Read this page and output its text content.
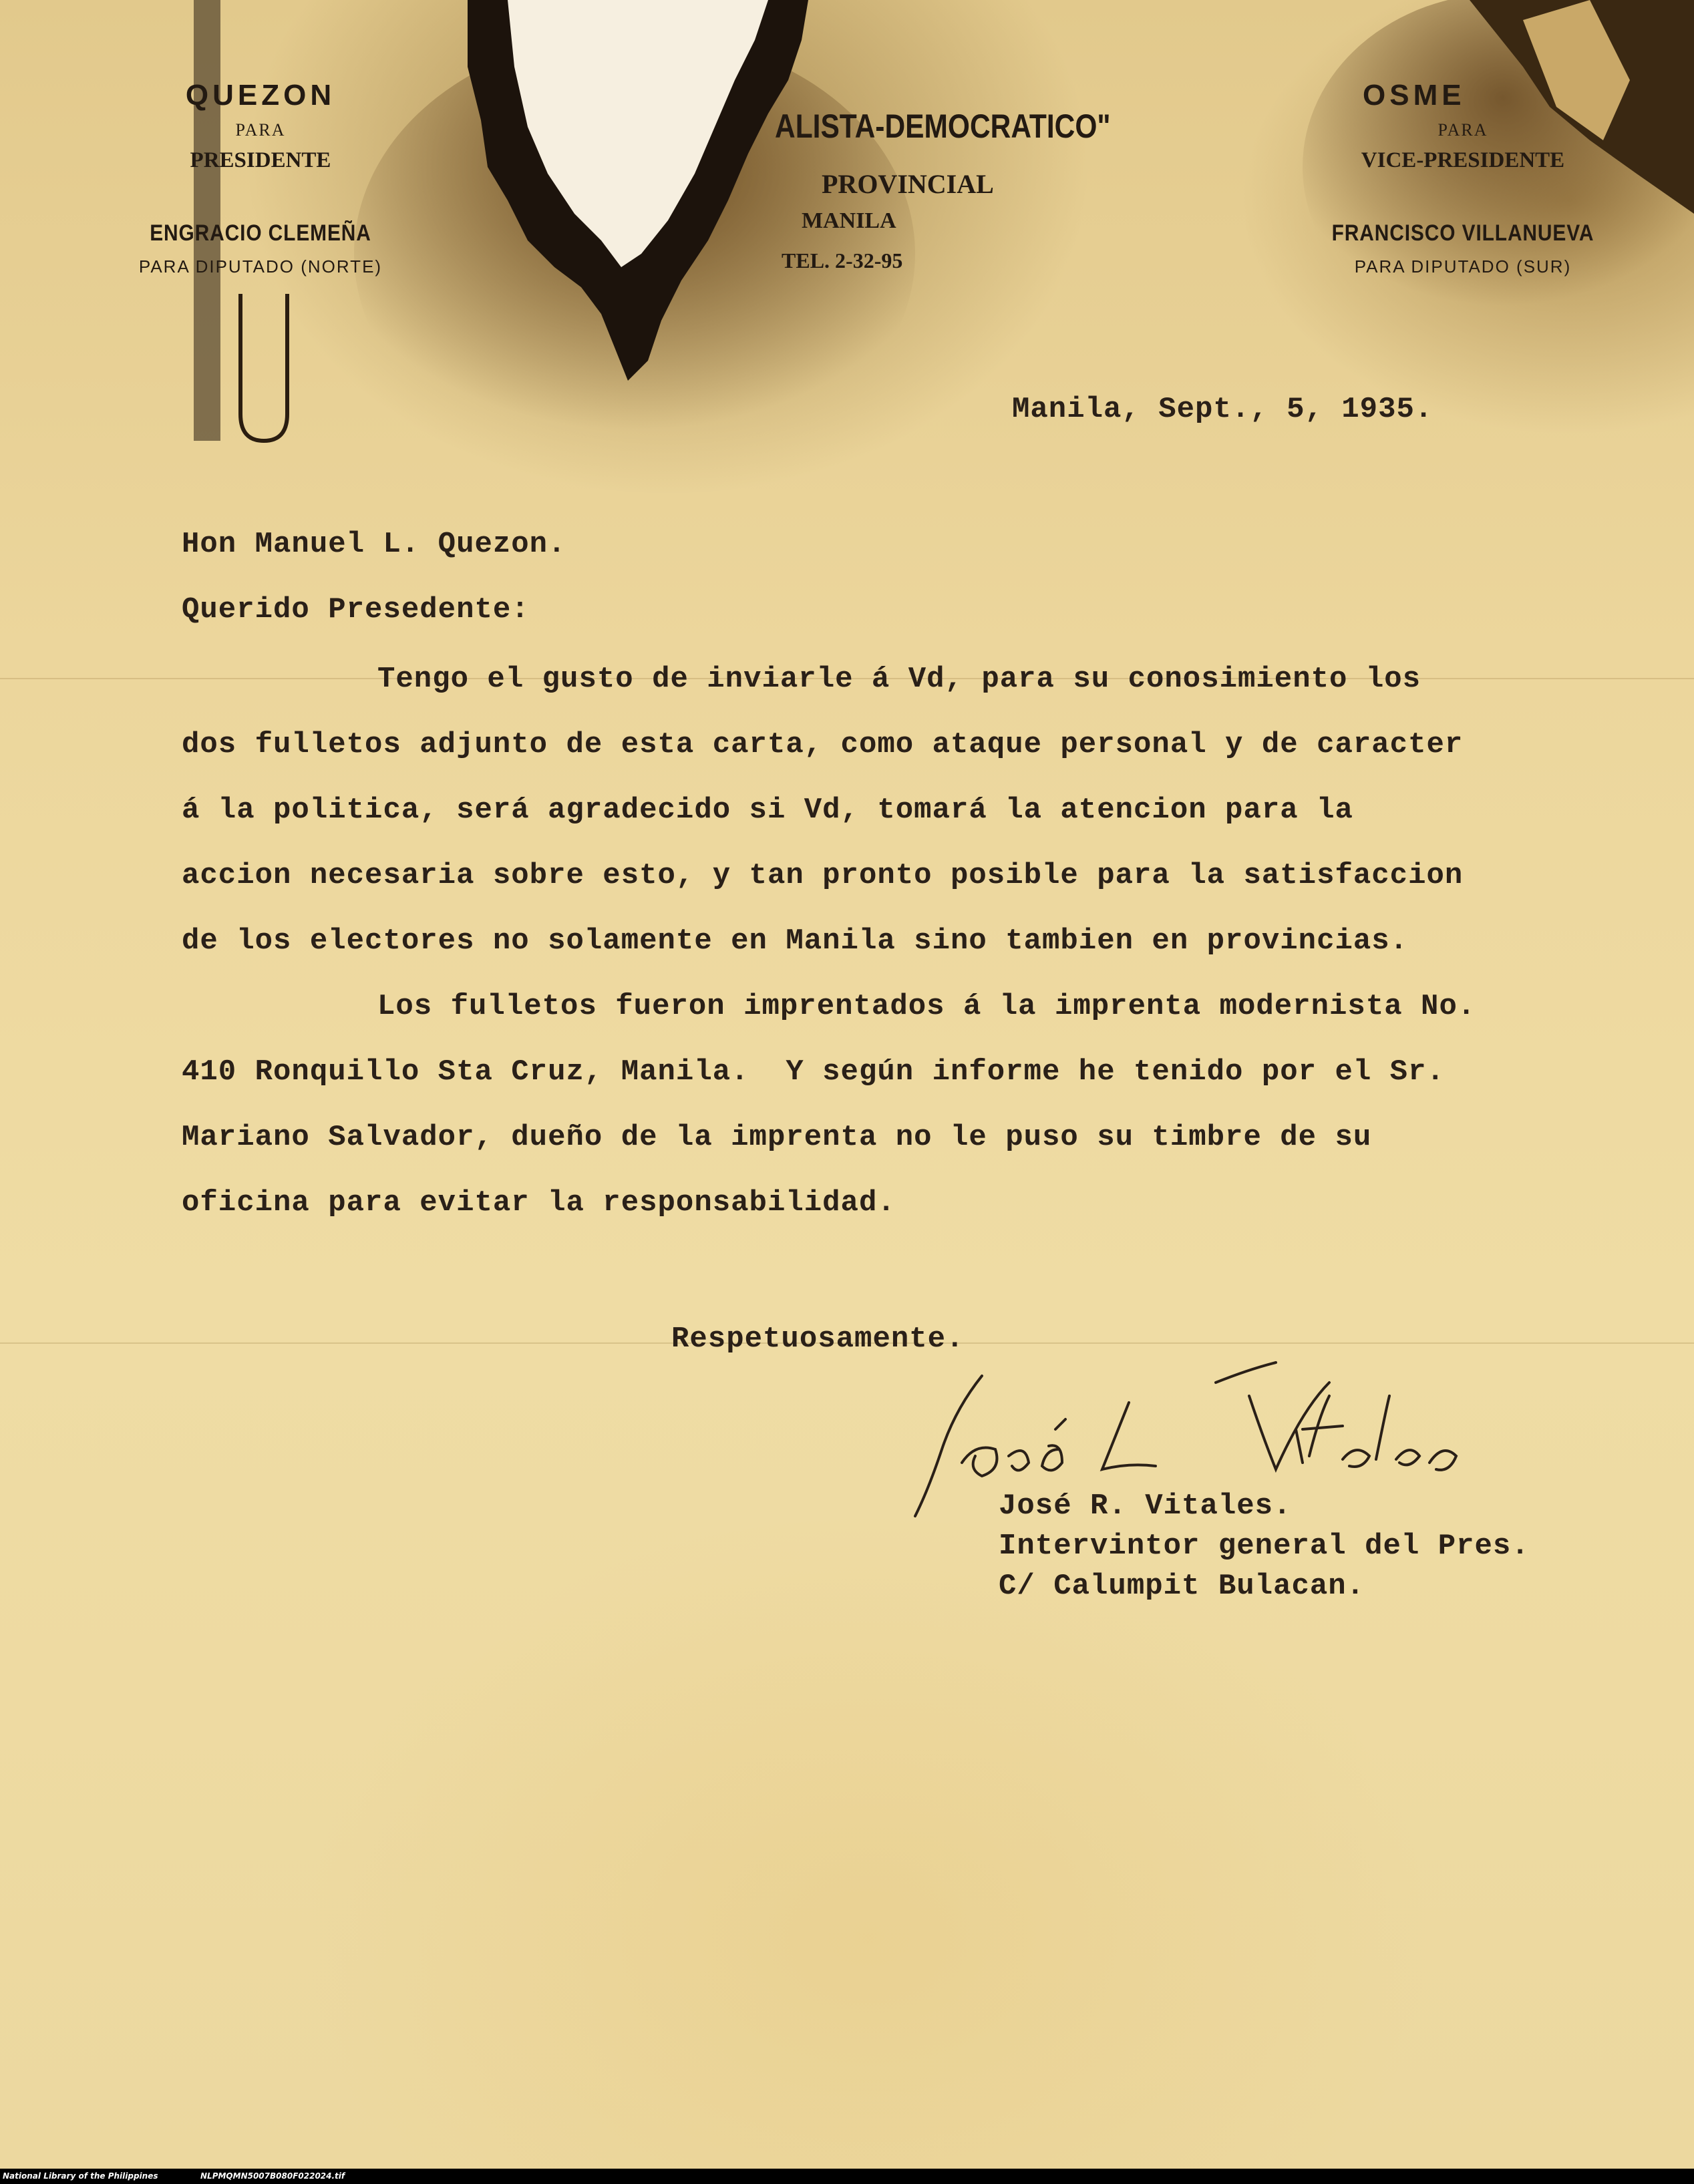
QUEZON
PARA
PRESIDENTE
ENGRACIO CLEMEÑA
PARA DIPUTADO (NORTE)
ALISTA-DEMOCRATICO"
PROVINCIAL
MANILA
TEL. 2-32-95
OSME
PARA
VICE-PRESIDENTE
FRANCISCO VILLANUEVA
PARA DIPUTADO (SUR)
Manila, Sept., 5, 1935.
Hon Manuel L. Quezon.
Querido Presedente:
Tengo el gusto de inviarle á Vd, para su conosimiento los
dos fulletos adjunto de esta carta, como ataque personal y de caracter
á la politica, será agradecido si Vd, tomará la atencion para la
accion necesaria sobre esto, y tan pronto posible para la satisfaccion
de los electores no solamente en Manila sino tambien en provincias.
Los fulletos fueron imprentados á la imprenta modernista No.
410 Ronquillo Sta Cruz, Manila.  Y según informe he tenido por el Sr.
Mariano Salvador, dueño de la imprenta no le puso su timbre de su
oficina para evitar la responsabilidad.
Respetuosamente.
José R. Vitales.
Intervintor general del Pres.
C/ Calumpit Bulacan.
National Library of the Philippines	NLPMQMN5007B080F022024.tif
